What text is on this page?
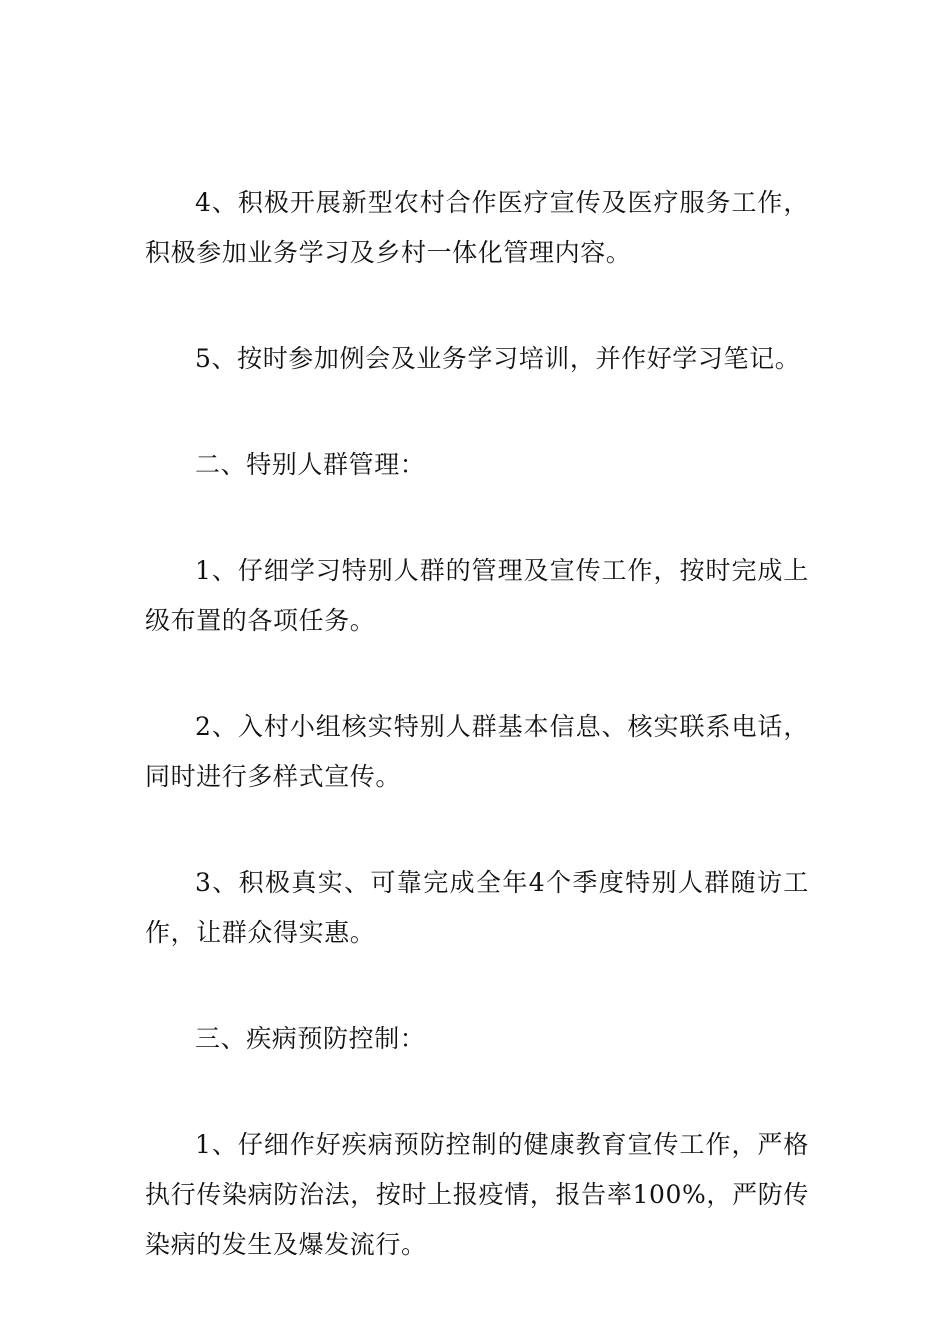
4、积极开展新型农村合作医疗宣传及医疗服务工作，积极参加业务学习及乡村一体化管理内容。

5、按时参加例会及业务学习培训，并作好学习笔记。

二、特别人群管理：

1、仔细学习特别人群的管理及宣传工作，按时完成上级布置的各项任务。

2、入村小组核实特别人群基本信息、核实联系电话，同时进行多样式宣传。

3、积极真实、可靠完成全年4个季度特别人群随访工作，让群众得实惠。

三、疾病预防控制：

1、仔细作好疾病预防控制的健康教育宣传工作，严格执行传染病防治法，按时上报疫情，报告率100%，严防传染病的发生及爆发流行。
